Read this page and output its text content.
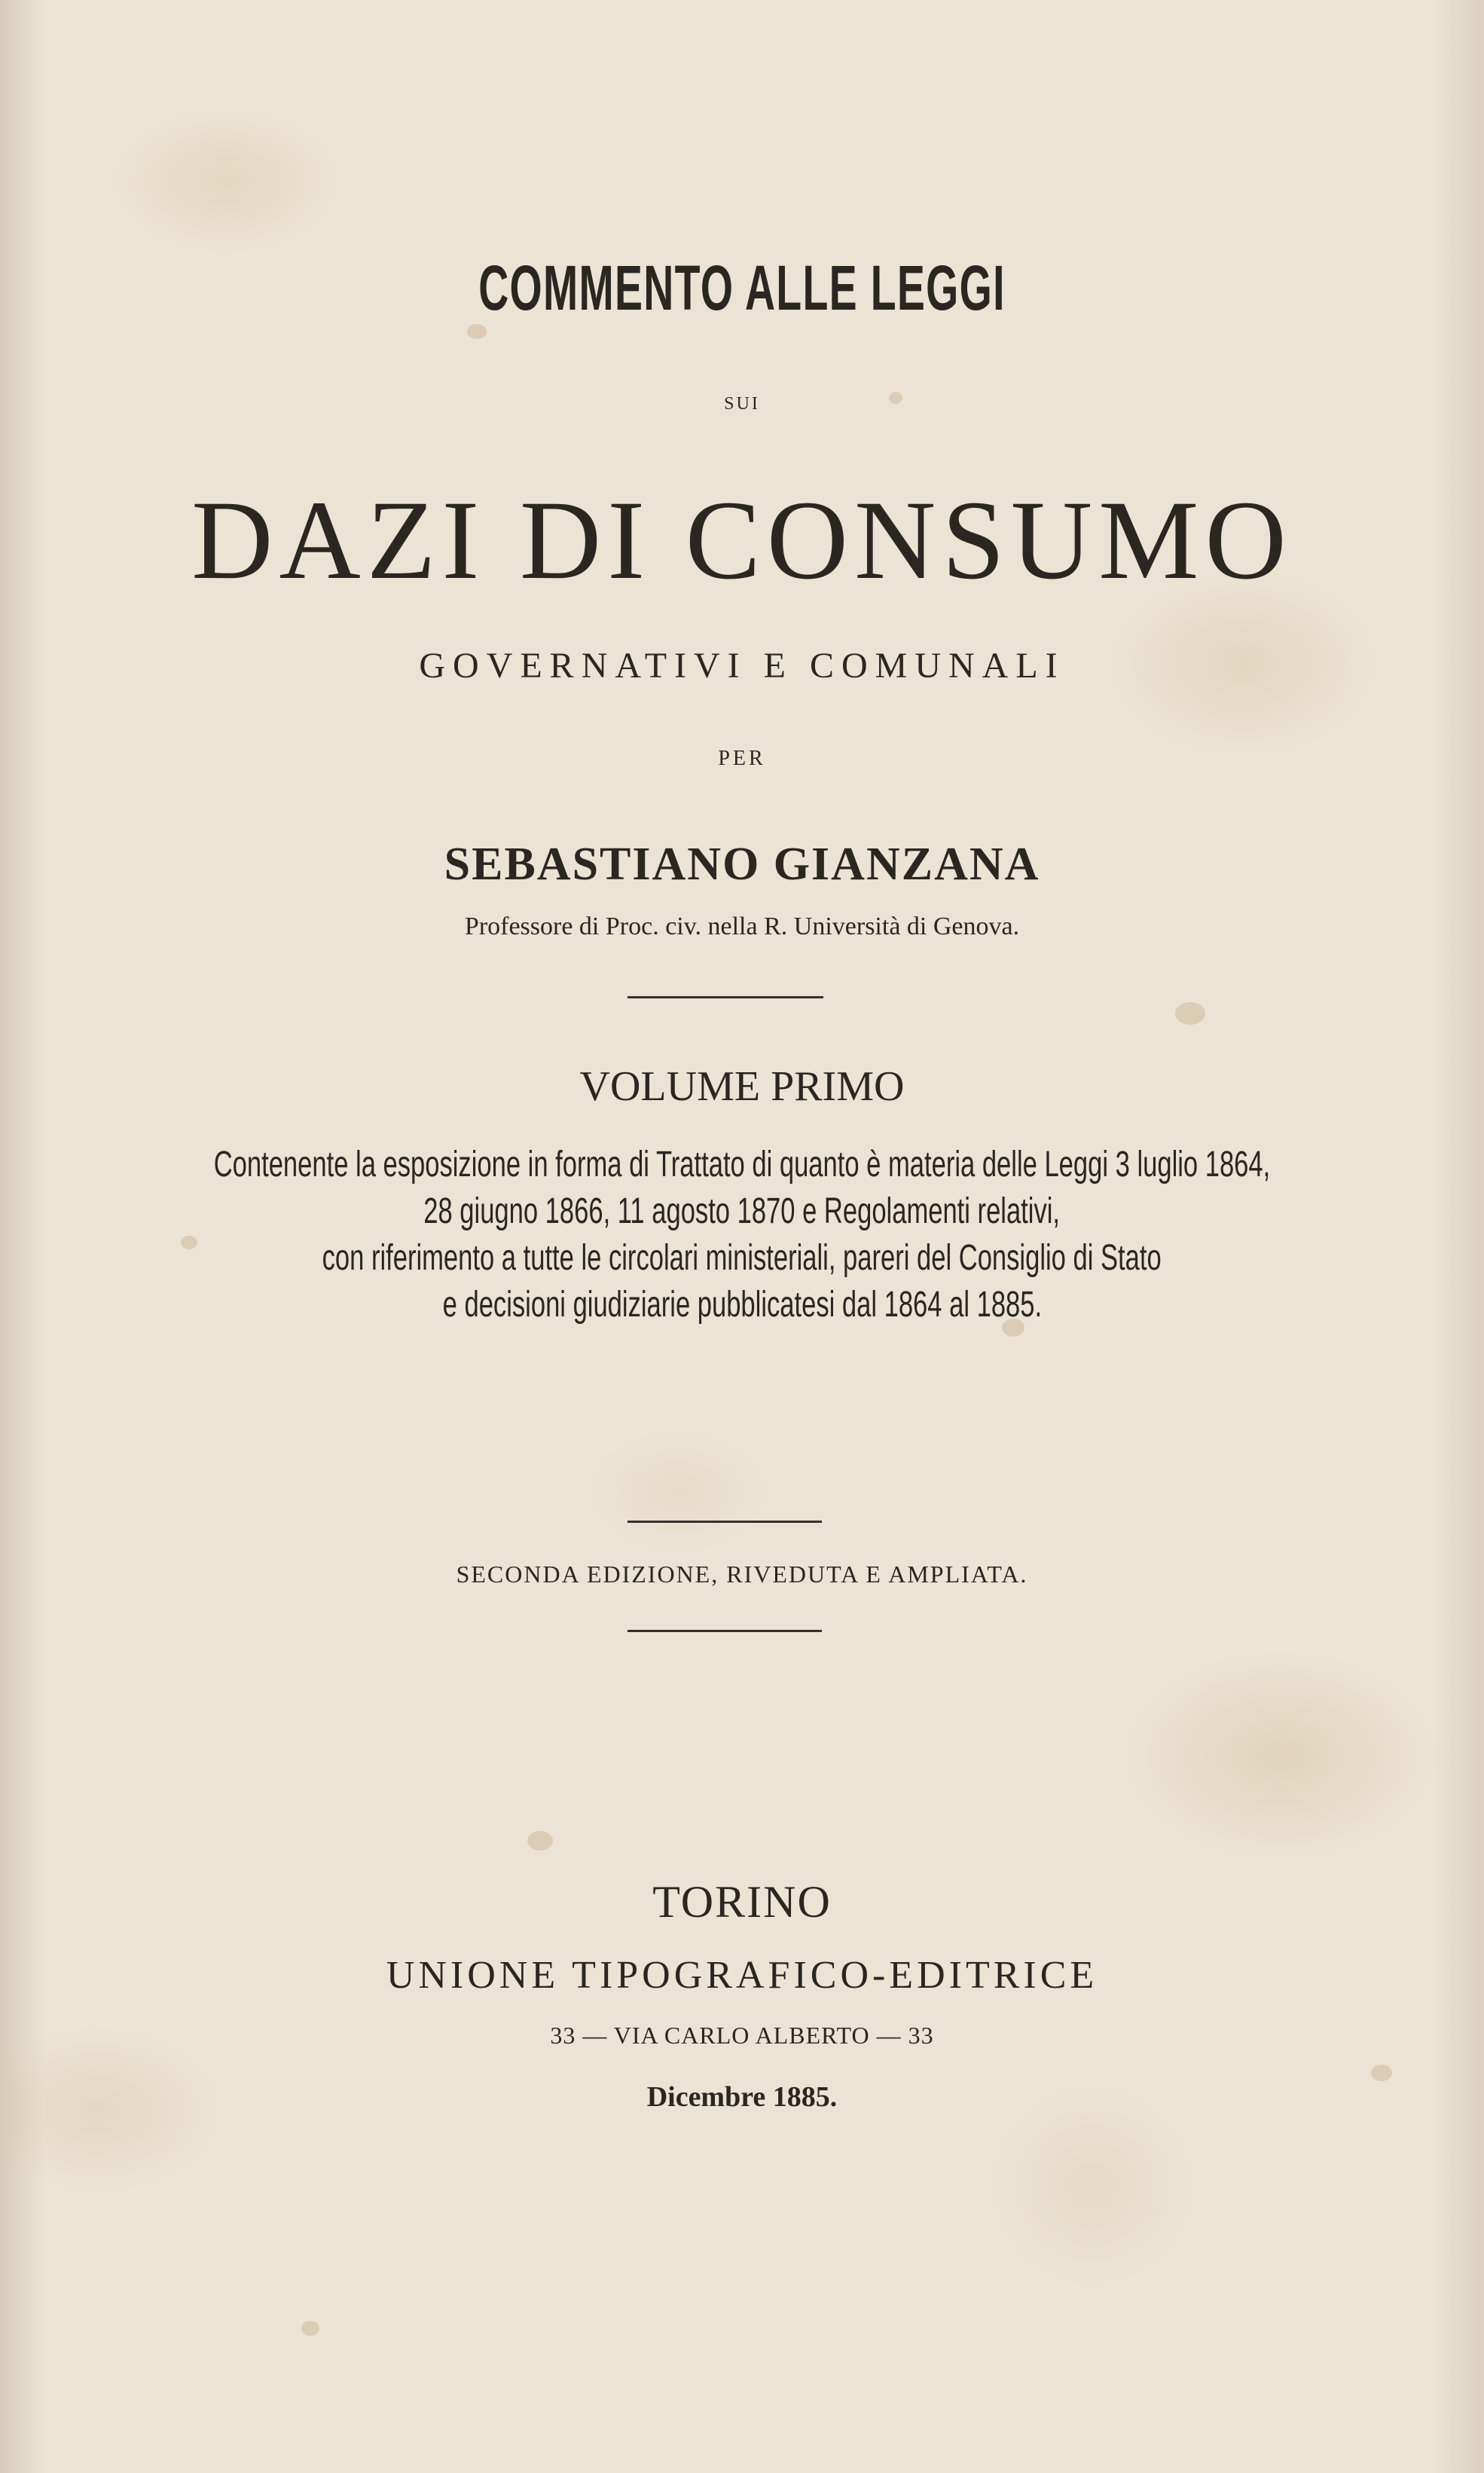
COMMENTO ALLE LEGGI
SUI
DAZI DI CONSUMO
GOVERNATIVI E COMUNALI
PER
SEBASTIANO GIANZANA
Professore di Proc. civ. nella R. Università di Genova.
VOLUME PRIMO
Contenente la esposizione in forma di Trattato di quanto è materia delle Leggi 3 luglio 1864,
28 giugno 1866, 11 agosto 1870 e Regolamenti relativi,
con riferimento a tutte le circolari ministeriali, pareri del Consiglio di Stato
e decisioni giudiziarie pubblicatesi dal 1864 al 1885.
SECONDA EDIZIONE, RIVEDUTA E AMPLIATA.
TORINO
UNIONE TIPOGRAFICO-EDITRICE
33 — VIA CARLO ALBERTO — 33
Dicembre 1885.
